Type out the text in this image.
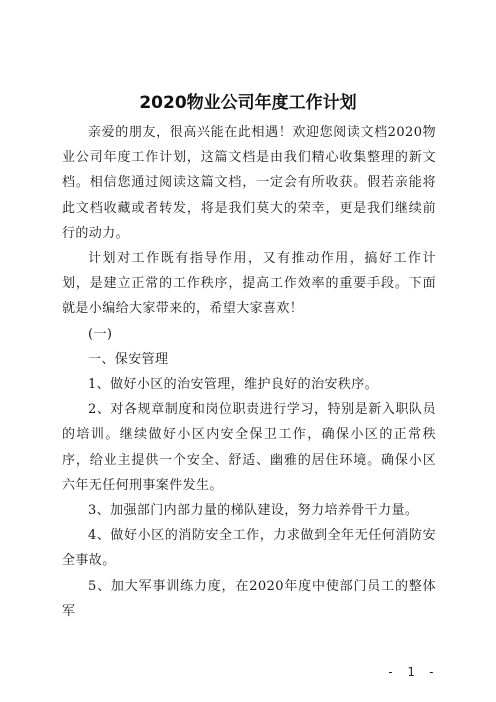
2020物业公司年度工作计划

亲爱的朋友，很高兴能在此相遇！欢迎您阅读文档2020物业公司年度工作计划，这篇文档是由我们精心收集整理的新文档。相信您通过阅读这篇文档，一定会有所收获。假若亲能将此文档收藏或者转发，将是我们莫大的荣幸，更是我们继续前行的动力。

计划对工作既有指导作用，又有推动作用，搞好工作计划，是建立正常的工作秩序，提高工作效率的重要手段。下面就是小编给大家带来的，希望大家喜欢！

(一)

一、保安管理

1、做好小区的治安管理，维护良好的治安秩序。

2、对各规章制度和岗位职责进行学习，特别是新入职队员的培训。继续做好小区内安全保卫工作，确保小区的正常秩序，给业主提供一个安全、舒适、幽雅的居住环境。确保小区六年无任何刑事案件发生。

3、加强部门内部力量的梯队建设，努力培养骨干力量。

4、做好小区的消防安全工作，力求做到全年无任何消防安全事故。

5、加大军事训练力度，在2020年度中使部门员工的整体军

- 1 -
